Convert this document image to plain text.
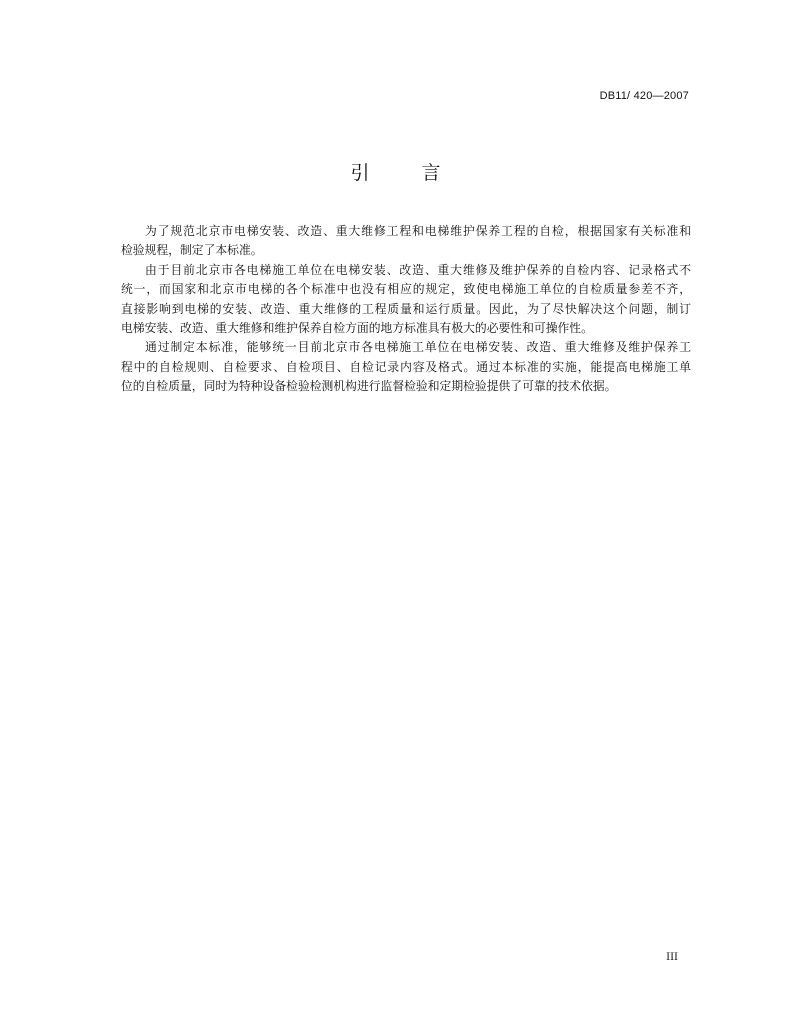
DB11/ 420—2007
引	言
为了规范北京市电梯安装、改造、重大维修工程和电梯维护保养工程的自检，根据国家有关标准和
检验规程，制定了本标准。
由于目前北京市各电梯施工单位在电梯安装、改造、重大维修及维护保养的自检内容、记录格式不
统一，而国家和北京市电梯的各个标准中也没有相应的规定，致使电梯施工单位的自检质量参差不齐，
直接影响到电梯的安装、改造、重大维修的工程质量和运行质量。因此，为了尽快解决这个问题，制订
电梯安装、改造、重大维修和维护保养自检方面的地方标准具有极大的必要性和可操作性。
通过制定本标准，能够统一目前北京市各电梯施工单位在电梯安装、改造、重大维修及维护保养工
程中的自检规则、自检要求、自检项目、自检记录内容及格式。通过本标准的实施，能提高电梯施工单
位的自检质量，同时为特种设备检验检测机构进行监督检验和定期检验提供了可靠的技术依据。
III
